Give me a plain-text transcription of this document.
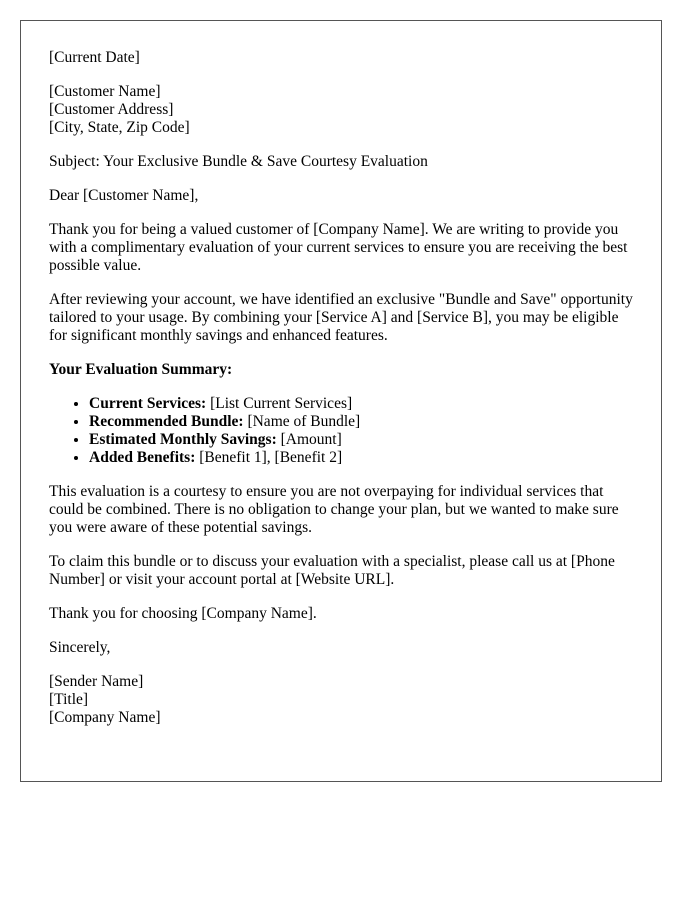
[Current Date]
[Customer Name]
[Customer Address]
[City, State, Zip Code]
Subject: Your Exclusive Bundle & Save Courtesy Evaluation
Dear [Customer Name],
Thank you for being a valued customer of [Company Name]. We are writing to provide you with a complimentary evaluation of your current services to ensure you are receiving the best possible value.
After reviewing your account, we have identified an exclusive "Bundle and Save" opportunity tailored to your usage. By combining your [Service A] and [Service B], you may be eligible for significant monthly savings and enhanced features.
Your Evaluation Summary:
• Current Services: [List Current Services]
• Recommended Bundle: [Name of Bundle]
• Estimated Monthly Savings: [Amount]
• Added Benefits: [Benefit 1], [Benefit 2]
This evaluation is a courtesy to ensure you are not overpaying for individual services that could be combined. There is no obligation to change your plan, but we wanted to make sure you were aware of these potential savings.
To claim this bundle or to discuss your evaluation with a specialist, please call us at [Phone Number] or visit your account portal at [Website URL].
Thank you for choosing [Company Name].
Sincerely,
[Sender Name]
[Title]
[Company Name]
